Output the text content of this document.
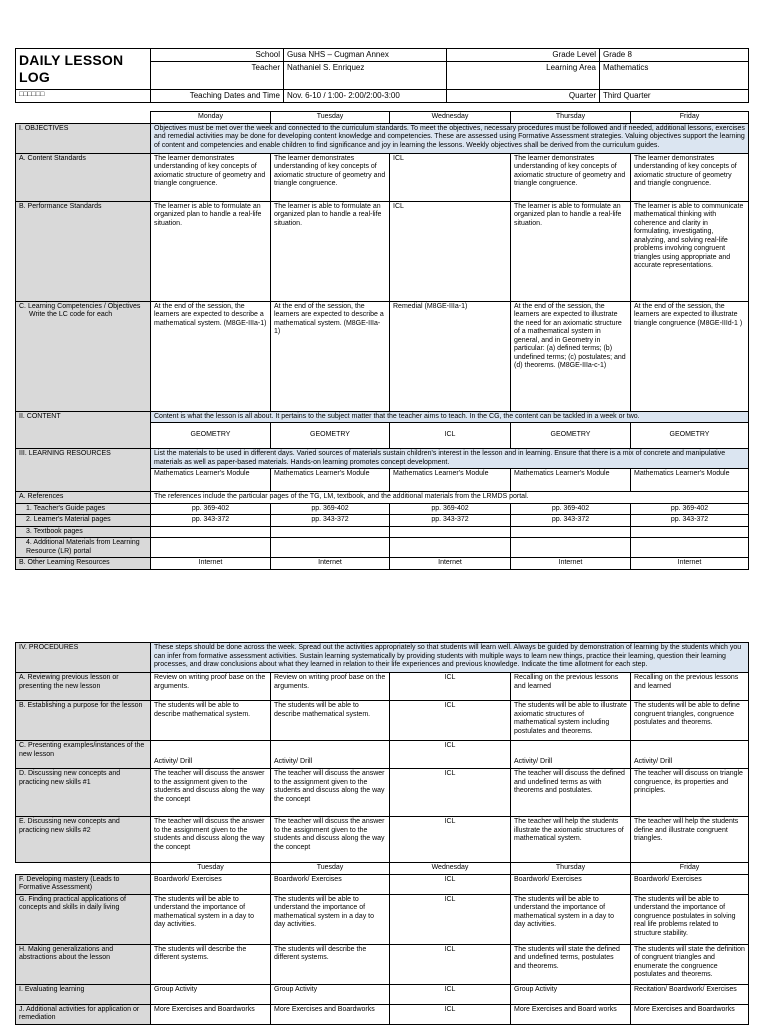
DAILY LESSON LOG	School	Gusa NHS – Cugman Annex	Grade Level	Grade 8
	Teacher	Nathaniel S. Enriquez	Learning Area	Mathematics
□□□□□□	Teaching Dates and Time	Nov. 6-10 / 1:00- 2:00/2:00-3:00	Quarter	Third Quarter
	Monday	Tuesday	Wednesday	Thursday	Friday
I. OBJECTIVES	Objectives must be met over the week and connected to the curriculum standards. To meet the objectives, necessary procedures must be followed and if needed, additional lessons, exercises and remedial activities may be done for developing content knowledge and competencies. These are assessed using Formative Assessment strategies. Valuing objectives support the learning of content and competencies and enable children to find significance and joy in learning the lessons. Weekly objectives shall be derived from the curriculum guides.				
A. Content Standards	The learner demonstrates understanding of key concepts of axiomatic structure of geometry and triangle congruence.	The learner demonstrates understanding of key concepts of axiomatic structure of geometry and triangle congruence.	ICL	The learner demonstrates understanding of key concepts of axiomatic structure of geometry and triangle congruence.	The learner demonstrates understanding of key concepts of axiomatic structure of geometry and triangle congruence.
B. Performance Standards	The learner is able to formulate an organized plan to handle a real-life situation.	The learner is able to formulate an organized plan to handle a real-life situation.	ICL	The learner is able to formulate an organized plan to handle a real-life situation.	The learner is able to communicate mathematical thinking with coherence and clarity in formulating, investigating, analyzing, and solving real-life problems involving congruent triangles using appropriate and accurate representations.

C. Learning Competencies / Objectives
Write the LC code for each	At the end of the session, the learners are expected to describe a mathematical system. (M8GE-IIIa-1)	At the end of the session, the learners are expected to describe a mathematical system. (M8GE-IIIa-1)	Remedial (M8GE-IIIa-1)	At the end of the session, the learners are expected to illustrate the need for an axiomatic structure of a mathematical system in general, and in Geometry in particular: (a) defined terms; (b) undefined terms; (c) postulates; and (d) theorems. (M8GE-IIIa-c-1)	At the end of the session, the learners are expected to illustrate triangle congruence (M8GE-IIId-1 )
II. CONTENT	Content is what the lesson is all about. It pertains to the subject matter that the teacher aims to teach. In the CG, the content can be tackled in a week or two.				
	GEOMETRY	GEOMETRY	ICL	GEOMETRY	GEOMETRY
III. LEARNING RESOURCES	List the materials to be used in different days. Varied sources of materials sustain children's interest in the lesson and in learning. Ensure that there is a mix of concrete and manipulative materials as well as paper-based materials. Hands-on learning promotes concept development.				
	Mathematics Learner's Module	Mathematics Learner's Module	Mathematics Learner's Module	Mathematics Learner's Module	Mathematics Learner's Module
A. References	The references include the particular pages of the TG, LM, textbook, and the additional materials from the LRMDS portal.				
1. Teacher's Guide pages	pp. 369-402	pp. 369-402	pp. 369-402	pp. 369-402	pp. 369-402
2. Learner's Material pages	pp. 343-372	pp. 343-372	pp. 343-372	pp. 343-372	pp. 343-372
3. Textbook pages					
4. Additional Materials from Learning Resource (LR) portal					
B. Other Learning Resources	Internet	Internet	Internet	Internet	Internet
IV. PROCEDURES	These steps should be done across the week. Spread out the activities appropriately so that students will learn well. Always be guided by demonstration of learning by the students which you can infer from formative assessment activities. Sustain learning systematically by providing students with multiple ways to learn new things, practice their learning, question their learning processes, and draw conclusions about what they learned in relation to their life experiences and previous knowledge. Indicate the time allotment for each step.				
A. Reviewing previous lesson or presenting the new lesson	Review on writing proof base on the arguments.	Review on writing proof base on the arguments.	ICL	Recalling on the previous lessons and learned	Recalling on the previous lessons and learned
B. Establishing a purpose for the lesson	The students will be able to describe mathematical system.	The students will be able to describe mathematical system.	ICL	The students will be able to illustrate axiomatic structures of mathematical system including postulates and theorems.	The students will be able to define congruent triangles, congruence postulates and theorems.
C. Presenting examples/instances of the new lesson	Activity/ Drill	Activity/ Drill	ICL	Activity/ Drill	Activity/ Drill
D. Discussing new concepts and practicing new skills #1	The teacher will discuss the answer to the assignment given to the students and discuss along the way the concept	The teacher will discuss the answer to the assignment given to the students and discuss along the way the concept	ICL	The teacher will discuss the defined and undefined terms as with theorems and postulates.	The teacher will discuss on triangle congruence, its properties and principles.
E. Discussing new concepts and practicing new skills #2	The teacher will discuss the answer to the assignment given to the students and discuss along the way the concept	The teacher will discuss the answer to the assignment given to the students and discuss along the way the concept	ICL	The teacher will help the students illustrate the axiomatic structures of mathematical system.	The teacher will help the students define and illustrate congruent triangles.
	Tuesday	Tuesday	Wednesday	Thursday	Friday
F. Developing mastery (Leads to Formative Assessment)	Boardwork/ Exercises	Boardwork/ Exercises	ICL	Boardwork/ Exercises	Boardwork/ Exercises
G. Finding practical applications of concepts and skills in daily living	The students will be able to understand the importance of mathematical system in a day to day activities.	The students will be able to understand the importance of mathematical system in a day to day activities.	ICL	The students will be able to understand the importance of mathematical system in a day to day activities.	The students will be able to understand the importance of congruence postulates in solving real life problems related to structure stability.
H. Making generalizations and abstractions about the lesson	The students will describe the different systems.	The students will describe the different systems.	ICL	The students will state the defined and undefined terms, postulates and theorems.	The students will state the definition of congruent triangles and enumerate the congruence postulates and theorems.
I. Evaluating learning	Group Activity	Group Activity	ICL	Group Activity	Recitation/ Boardwork/ Exercises
J. Additional activities for application or remediation	More Exercises and Boardworks	More Exercises and Boardworks	ICL	More Exercises and Board works	More Exercises and Boardworks
